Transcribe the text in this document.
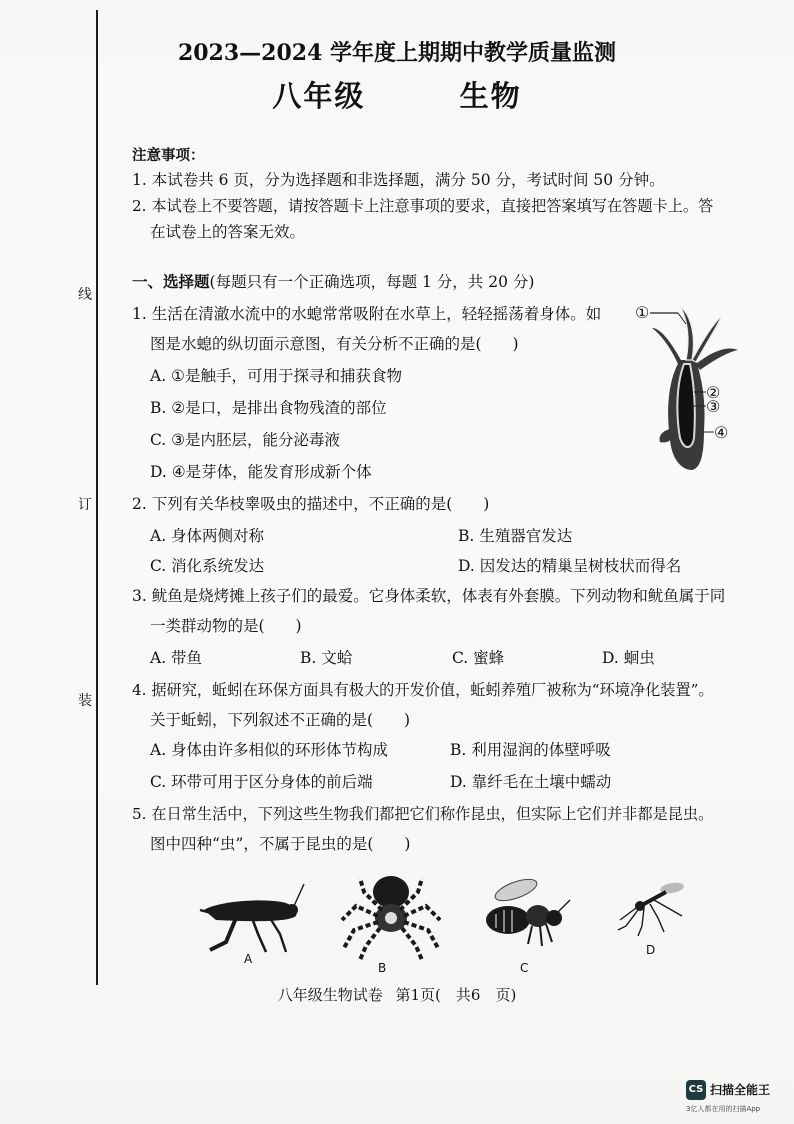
线
订
装
2023—2024 学年度上期期中教学质量监测
八年级	生物
注意事项：
1. 本试卷共 6 页，分为选择题和非选择题，满分 50 分，考试时间 50 分钟。
2. 本试卷上不要答题，请按答题卡上注意事项的要求，直接把答案填写在答题卡上。答
在试卷上的答案无效。
一、选择题(每题只有一个正确选项，每题 1 分，共 20 分)
1. 生活在清澈水流中的水螅常常吸附在水草上，轻轻摇荡着身体。如
图是水螅的纵切面示意图，有关分析不正确的是(　　)
A. ①是触手，可用于探寻和捕获食物
B. ②是口，是排出食物残渣的部位
C. ③是内胚层，能分泌毒液
D. ④是芽体，能发育形成新个体
①
②
③
④
2. 下列有关华枝睾吸虫的描述中，不正确的是(　　)
A. 身体两侧对称	B. 生殖器官发达
C. 消化系统发达	D. 因发达的精巢呈树枝状而得名
3. 鱿鱼是烧烤摊上孩子们的最爱。它身体柔软，体表有外套膜。下列动物和鱿鱼属于同
一类群动物的是(　　)
A. 带鱼	B. 文蛤	C. 蜜蜂	D. 蛔虫
4. 据研究，蚯蚓在环保方面具有极大的开发价值，蚯蚓养殖厂被称为“环境净化装置”。
关于蚯蚓，下列叙述不正确的是(　　)
A. 身体由许多相似的环形体节构成	B. 利用湿润的体壁呼吸
C. 环带可用于区分身体的前后端	D. 靠纤毛在土壤中蠕动
5. 在日常生活中，下列这些生物我们都把它们称作昆虫，但实际上它们并非都是昆虫。
图中四种“虫”，不属于昆虫的是(　　)
A
B	C
D
八年级生物试卷 第1页(　共6　页)
CS 扫描全能王
3亿人都在用的扫描App
